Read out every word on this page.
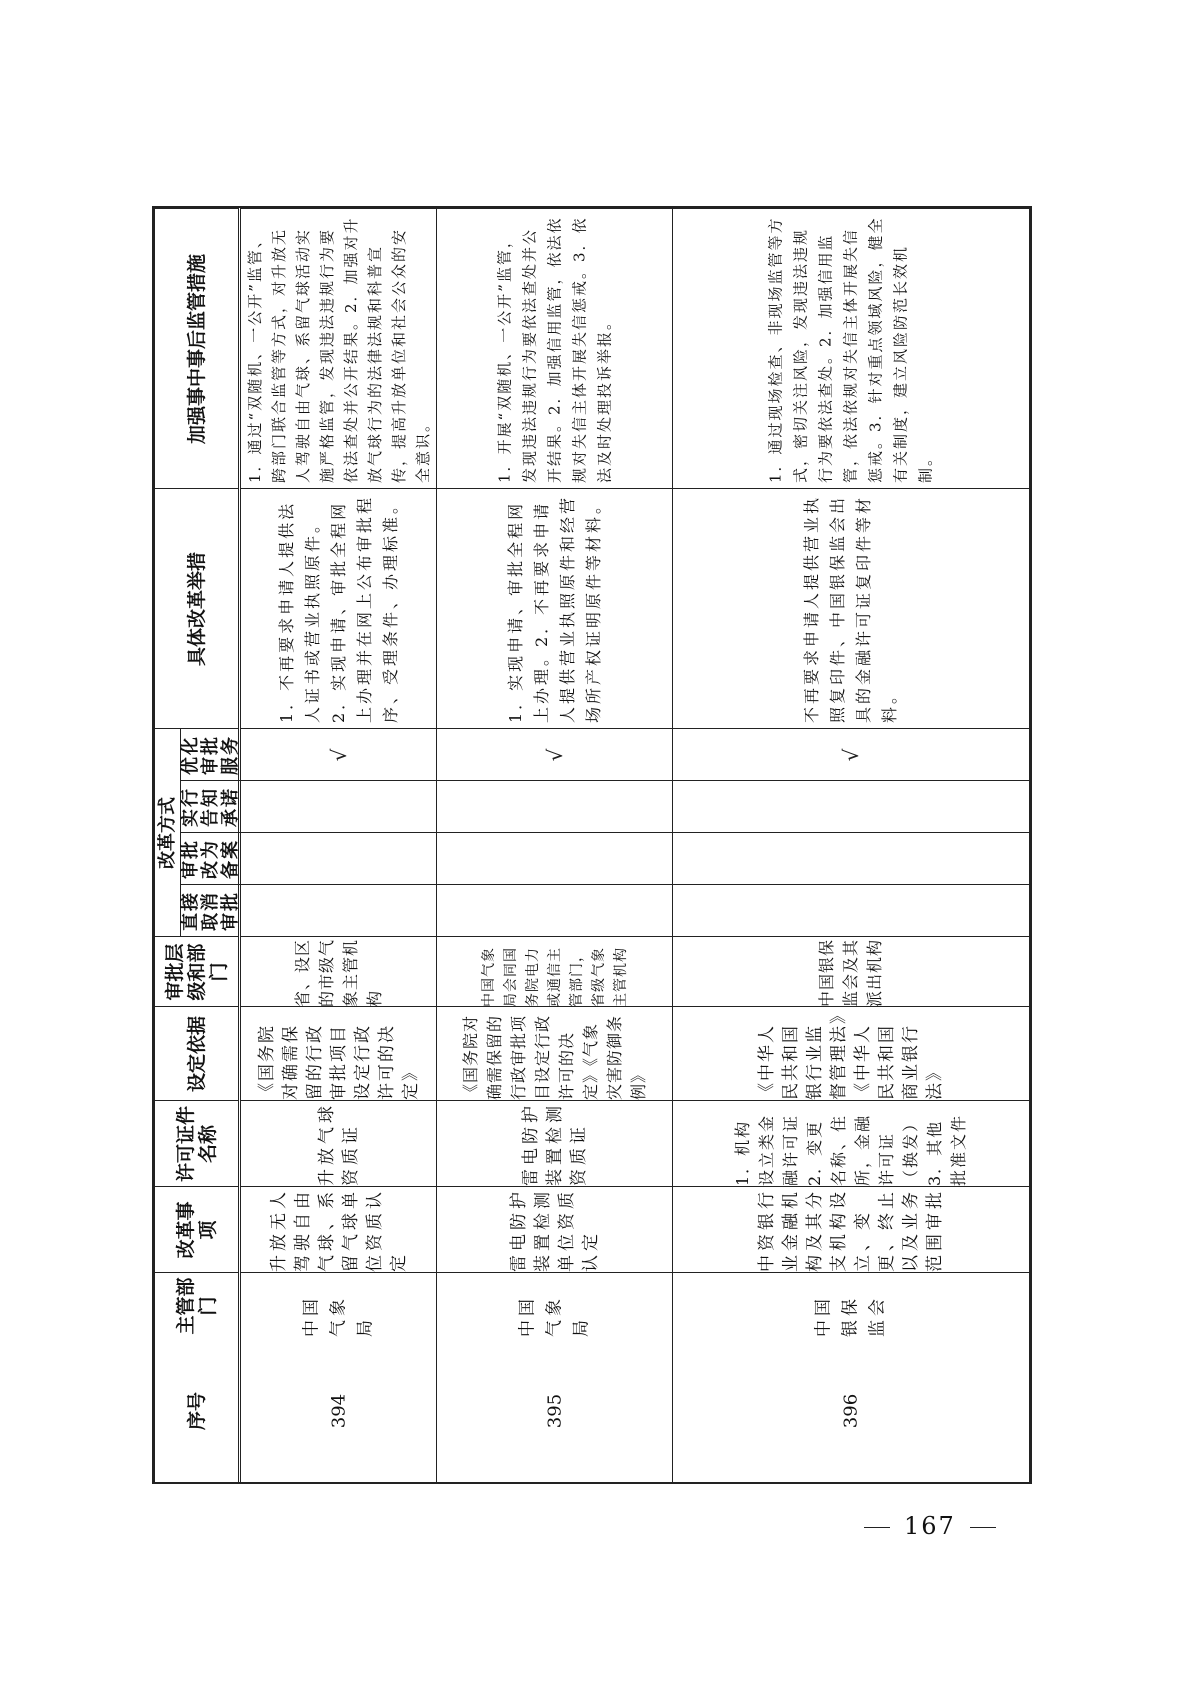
序号
主管部门
改革事项
许可证件名称
设定依据
审批层级和部门
改革方式
直接取消审批
审批改为备案
实行告知承诺
优化审批服务
具体改革举措
加强事中事后监管措施
394
中国气象局
升放无人驾驶自由气球、系留气球单位资质认定
升放气球资质证
《国务院对确需保留的行政审批项目设定行政许可的决定》
省、设区的市级气象主管机构
√
1．不再要求申请人提供法人证书或营业执照原件。2．实现申请、审批全程网上办理并在网上公布审批程序、受理条件、办理标准。
1．通过“双随机、一公开”监管、跨部门联合监管等方式，对升放无人驾驶自由气球、系留气球活动实施严格监管，发现违法违规行为要依法查处并公开结果。2．加强对升放气球行为的法律法规和科普宣传，提高升放单位和社会公众的安全意识。
395
中国气象局
雷电防护装置检测单位资质认定
雷电防护装置检测资质证
《国务院对确需保留的行政审批项目设定行政许可的决定》《气象灾害防御条例》
中国气象局会同国务院电力或通信主管部门，省级气象主管机构
√
1．实现申请、审批全程网上办理。2．不再要求申请人提供营业执照原件和经营场所产权证明原件等材料。
1．开展“双随机、一公开”监管，发现违法违规行为要依法查处并公开结果。2．加强信用监管，依法依规对失信主体开展失信惩戒。3．依法及时处理投诉举报。
396
中国银保监会
中资银行业金融机构及其分支机构设立、变更、终止以及业务范围审批
1．机构设立类金融许可证 2．变更名称、住所，金融许可证（换发） 3．其他批准文件
《中华人民共和国银行业监督管理法》《中华人民共和国商业银行法》
中国银保监会及其派出机构
√
不再要求申请人提供营业执照复印件、中国银保监会出具的金融许可证复印件等材料。
1．通过现场检查、非现场监管等方式，密切关注风险，发现违法违规行为要依法查处。2．加强信用监管，依法依规对失信主体开展失信惩戒。3．针对重点领域风险，健全有关制度，建立风险防范长效机制。
167
